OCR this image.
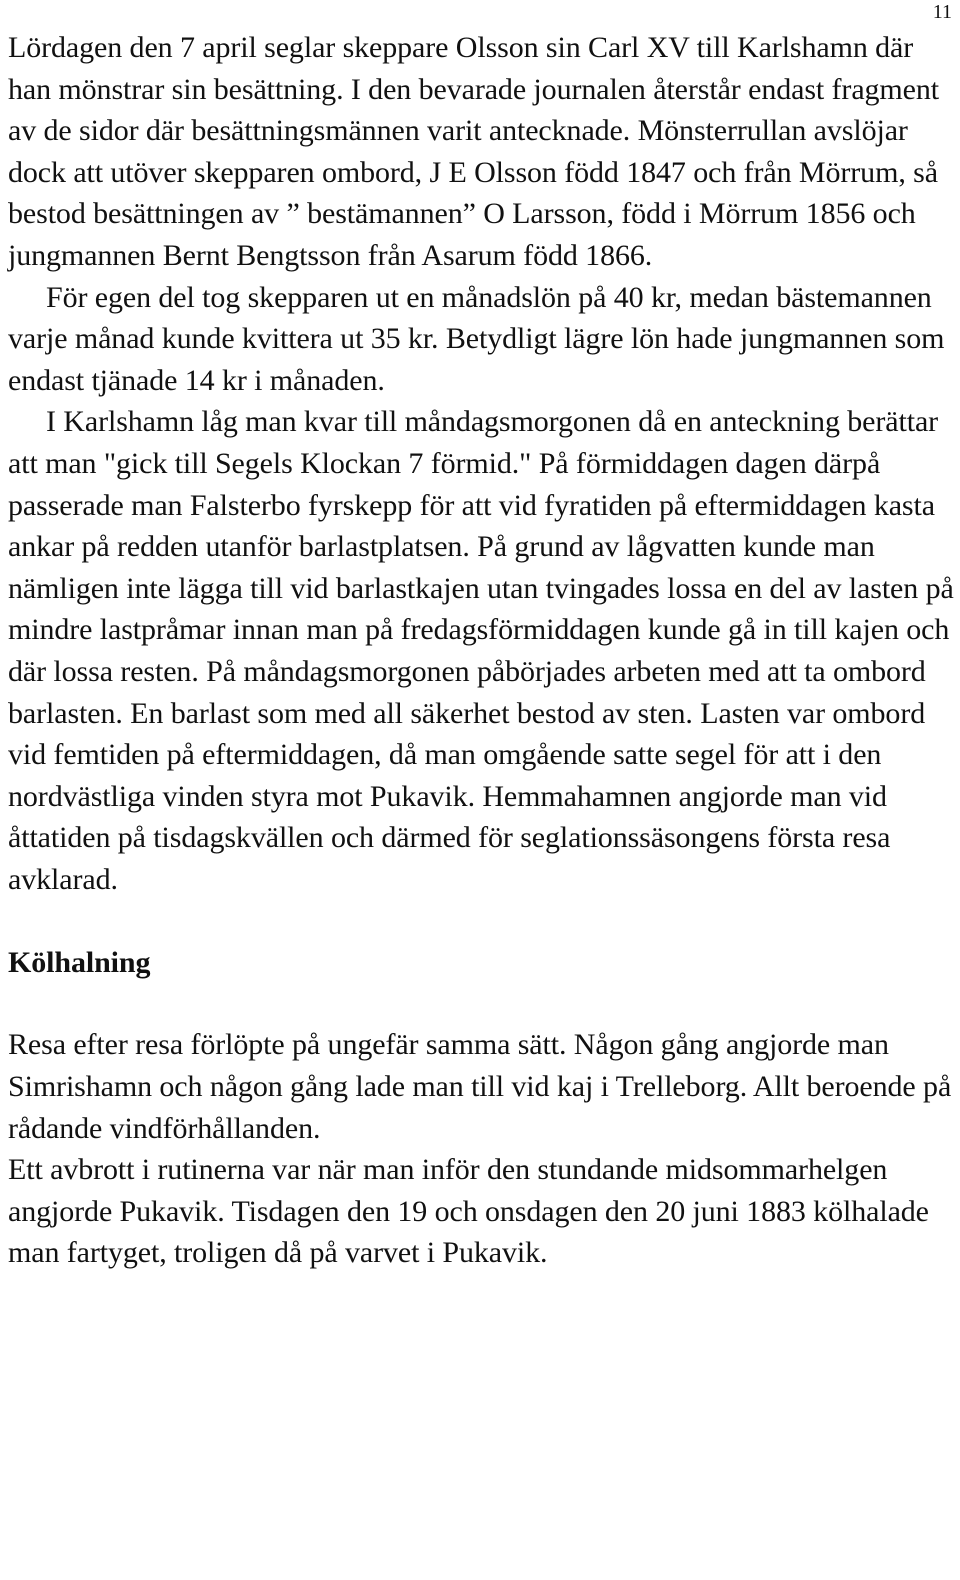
11

Lördagen den 7 april seglar skeppare Olsson sin Carl XV till Karlshamn där han mönstrar sin besättning. I den bevarade journalen återstår endast fragment av de sidor där besättningsmännen varit antecknade. Mönsterrullan avslöjar dock att utöver skepparen ombord, J E Olsson född 1847 och från Mörrum, så bestod besättningen av ” bestämannen” O Larsson, född i Mörrum 1856 och jungmannen Bernt Bengtsson från Asarum född 1866.

För egen del tog skepparen ut en månadslön på 40 kr, medan bästemannen varje månad kunde kvittera ut 35 kr. Betydligt lägre lön hade jungmannen som endast tjänade 14 kr i månaden.

I Karlshamn låg man kvar till måndagsmorgonen då en anteckning berättar att man "gick till Segels Klockan 7 förmid." På förmiddagen dagen därpå passerade man Falsterbo fyrskepp för att vid fyratiden på eftermiddagen kasta ankar på redden utanför barlastplatsen. På grund av lågvatten kunde man nämligen inte lägga till vid barlastkajen utan tvingades lossa en del av lasten på mindre lastpråmar innan man på fredagsförmiddagen kunde gå in till kajen och där lossa resten. På måndagsmorgonen påbörjades arbeten med att ta ombord barlasten. En barlast som med all säkerhet bestod av sten. Lasten var ombord vid femtiden på eftermiddagen, då man omgående satte segel för att i den nordvästliga vinden styra mot Pukavik. Hemmahamnen angjorde man vid åttatiden på tisdagskvällen och därmed för seglationssäsongens första resa avklarad.

Kölhalning

Resa efter resa förlöpte på ungefär samma sätt. Någon gång angjorde man Simrishamn och någon gång lade man till vid kaj i Trelleborg. Allt beroende på rådande vindförhållanden.

Ett avbrott i rutinerna var när man inför den stundande midsommarhelgen angjorde Pukavik. Tisdagen den 19 och onsdagen den 20 juni 1883 kölhalade man fartyget, troligen då på varvet i Pukavik.
